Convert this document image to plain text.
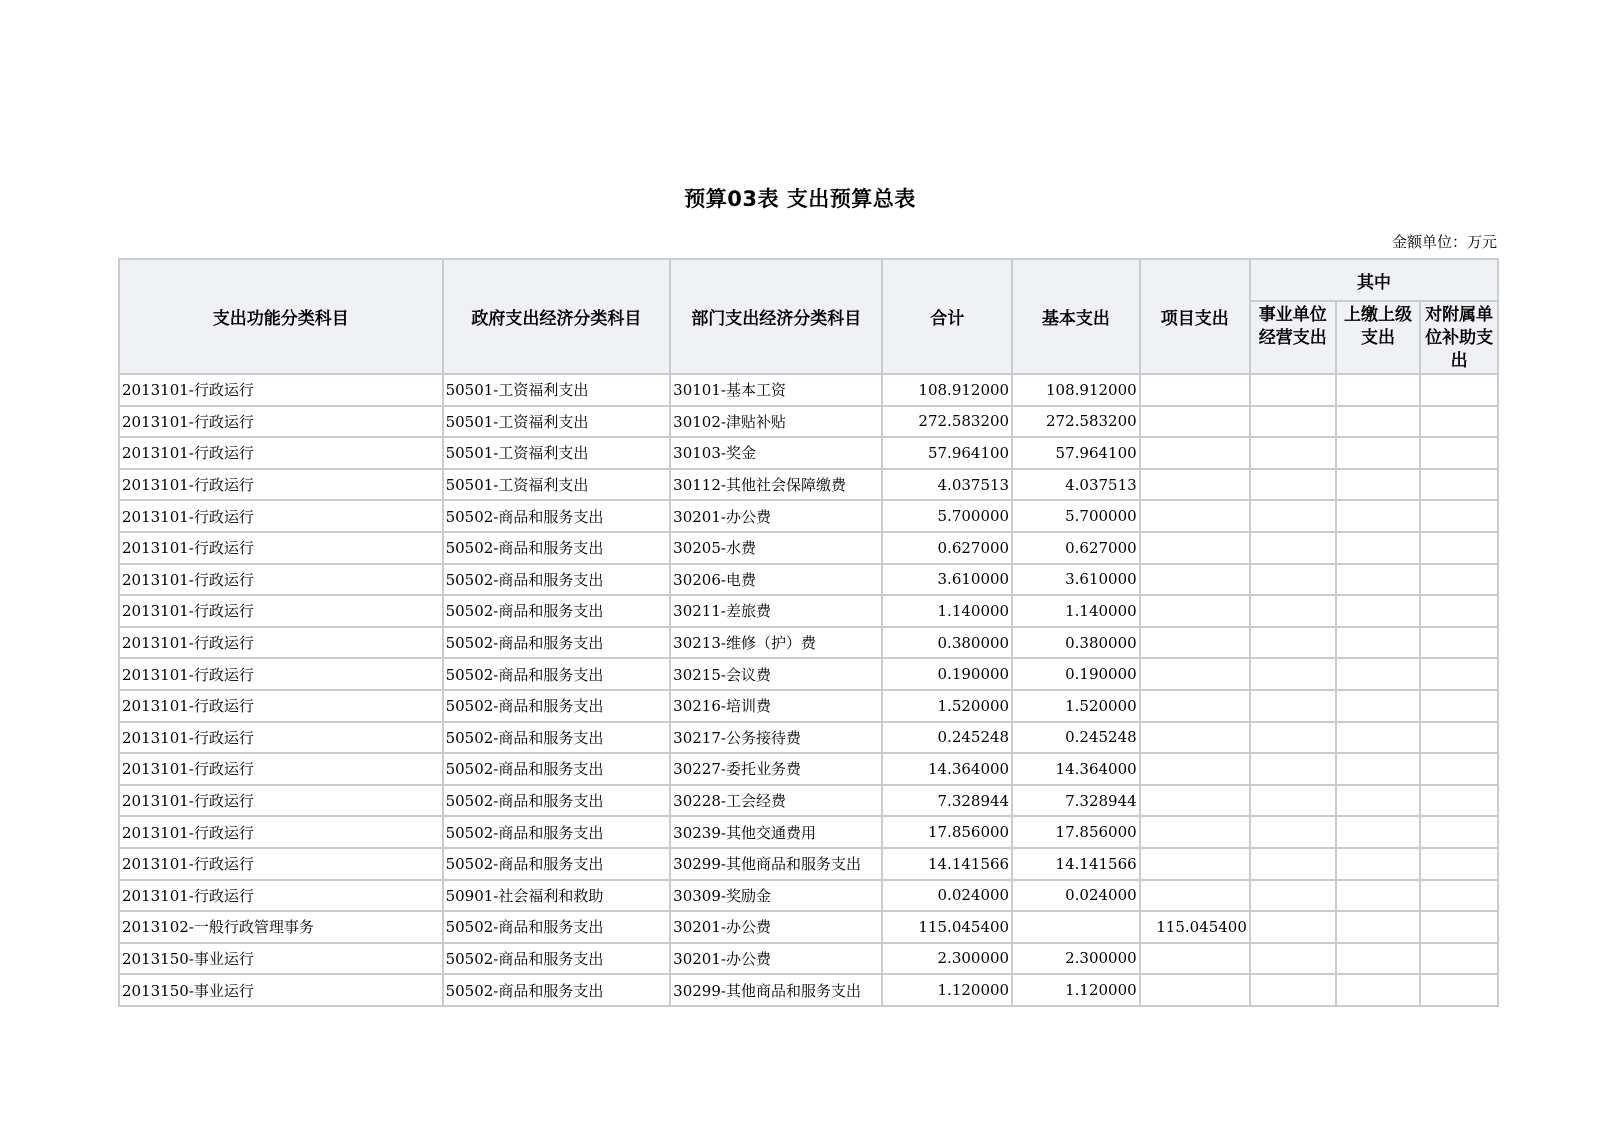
预算03表 支出预算总表
金额单位：万元
支出功能分类科目	政府支出经济分类科目	部门支出经济分类科目	合计	基本支出	项目支出	其中		
						事业单位经营支出	上缴上级支出	对附属单位补助支出
2013101-行政运行	50501-工资福利支出	30101-基本工资	108.912000	108.912000				
2013101-行政运行	50501-工资福利支出	30102-津贴补贴	272.583200	272.583200				
2013101-行政运行	50501-工资福利支出	30103-奖金	57.964100	57.964100				
2013101-行政运行	50501-工资福利支出	30112-其他社会保障缴费	4.037513	4.037513				
2013101-行政运行	50502-商品和服务支出	30201-办公费	5.700000	5.700000				
2013101-行政运行	50502-商品和服务支出	30205-水费	0.627000	0.627000				
2013101-行政运行	50502-商品和服务支出	30206-电费	3.610000	3.610000				
2013101-行政运行	50502-商品和服务支出	30211-差旅费	1.140000	1.140000				
2013101-行政运行	50502-商品和服务支出	30213-维修（护）费	0.380000	0.380000				
2013101-行政运行	50502-商品和服务支出	30215-会议费	0.190000	0.190000				
2013101-行政运行	50502-商品和服务支出	30216-培训费	1.520000	1.520000				
2013101-行政运行	50502-商品和服务支出	30217-公务接待费	0.245248	0.245248				
2013101-行政运行	50502-商品和服务支出	30227-委托业务费	14.364000	14.364000				
2013101-行政运行	50502-商品和服务支出	30228-工会经费	7.328944	7.328944				
2013101-行政运行	50502-商品和服务支出	30239-其他交通费用	17.856000	17.856000				
2013101-行政运行	50502-商品和服务支出	30299-其他商品和服务支出	14.141566	14.141566				
2013101-行政运行	50901-社会福利和救助	30309-奖励金	0.024000	0.024000				
2013102-一般行政管理事务	50502-商品和服务支出	30201-办公费	115.045400		115.045400			
2013150-事业运行	50502-商品和服务支出	30201-办公费	2.300000	2.300000				
2013150-事业运行	50502-商品和服务支出	30299-其他商品和服务支出	1.120000	1.120000				
